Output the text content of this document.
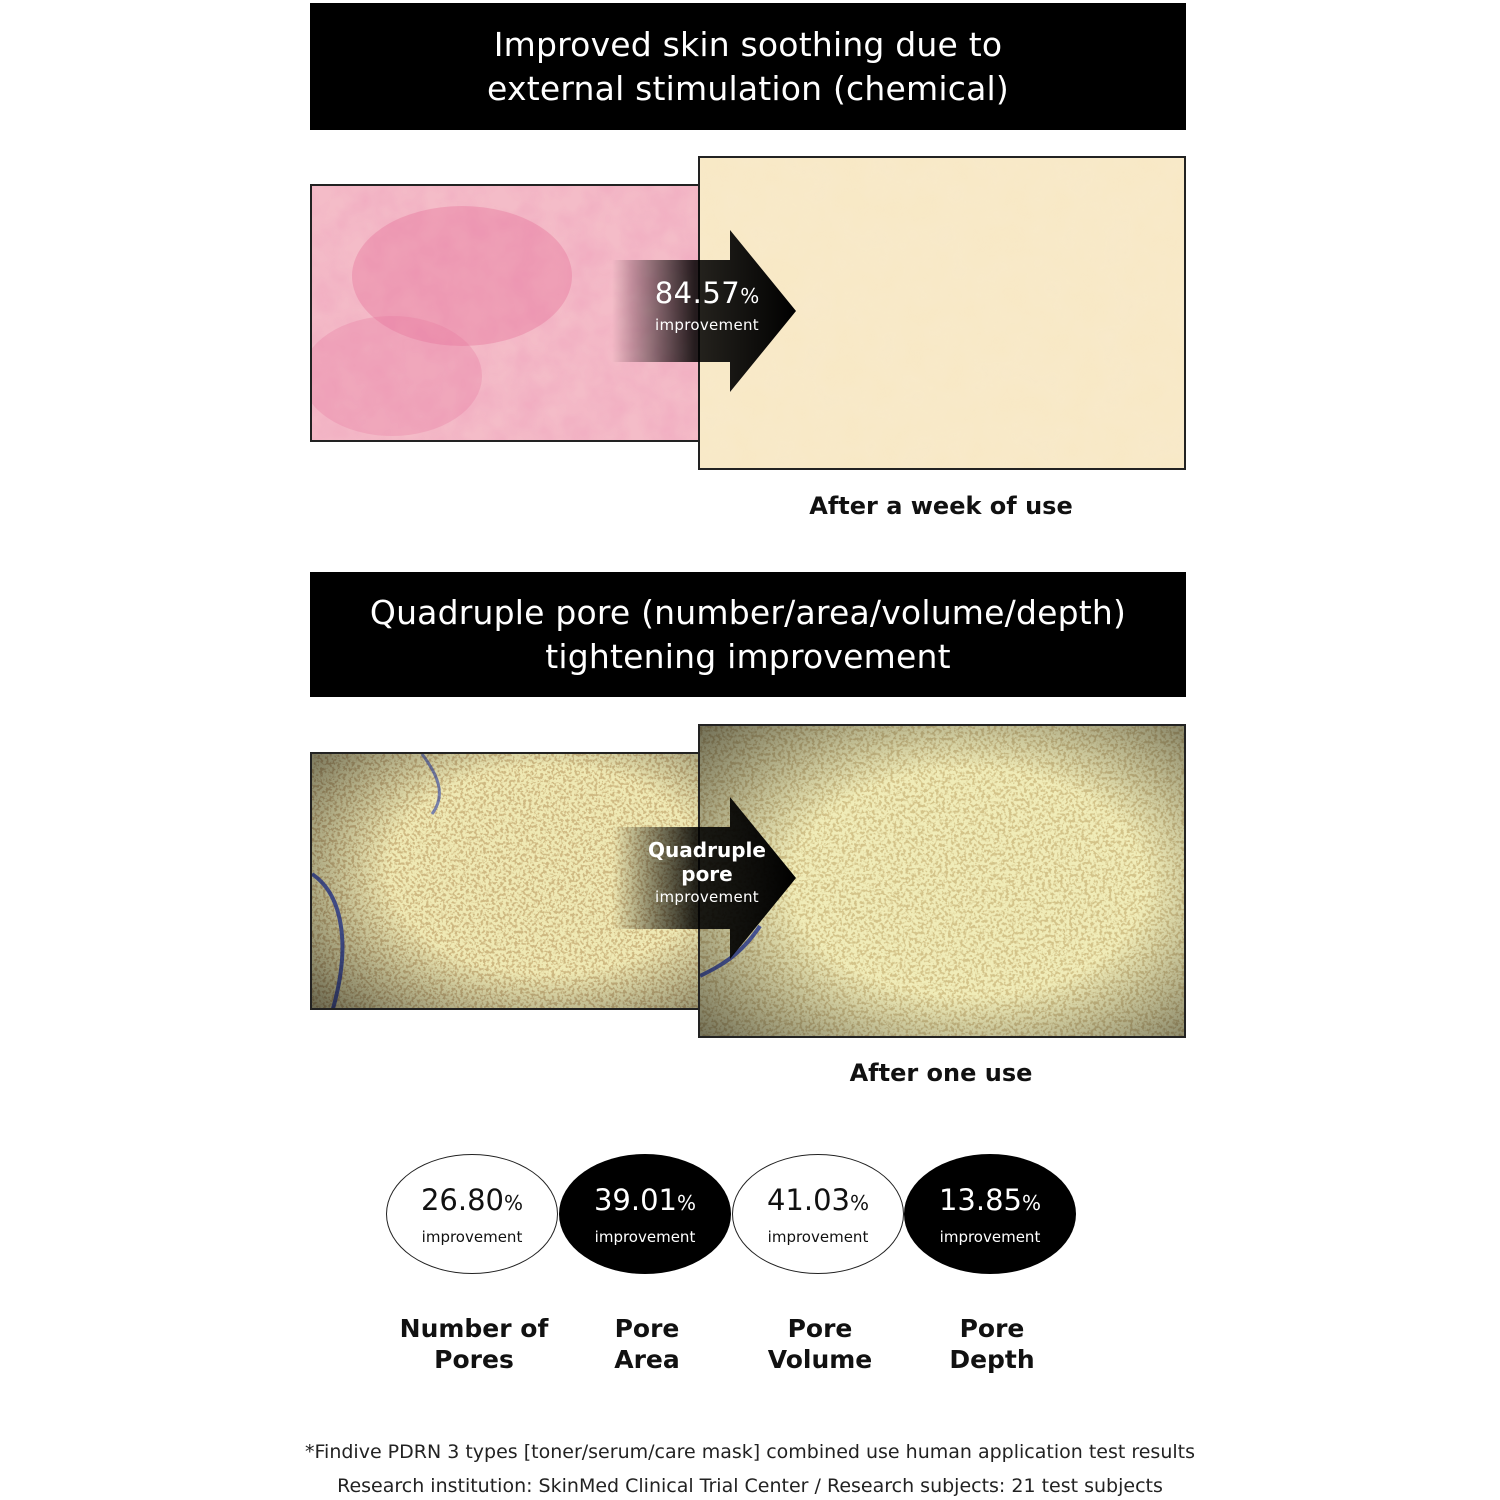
Improved skin soothing due to
external stimulation (chemical)
84.57%
improvement
After a week of use
Quadruple pore (number/area/volume/depth)
tightening improvement
Quadruple
pore
improvement
After one use
26.80%
improvement
39.01%
improvement
41.03%
improvement
13.85%
improvement
Number of
Pores
Pore
Area
Pore
Volume
Pore
Depth
*Findive PDRN 3 types [toner/serum/care mask] combined use human application test results
Research institution: SkinMed Clinical Trial Center / Research subjects: 21 test subjects
